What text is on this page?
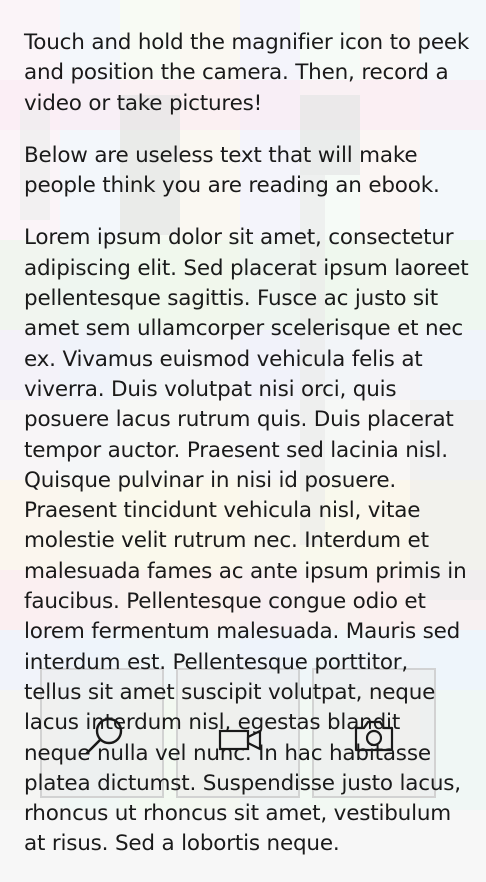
Touch and hold the magnifier icon to peek and position the camera. Then, record a video or take pictures!

Below are useless text that will make people think you are reading an ebook.

Lorem ipsum dolor sit amet, consectetur adipiscing elit. Sed placerat ipsum laoreet pellentesque sagittis. Fusce ac justo sit amet sem ullamcorper scelerisque et nec ex. Vivamus euismod vehicula felis at viverra. Duis volutpat nisi orci, quis posuere lacus rutrum quis. Duis placerat tempor auctor. Praesent sed lacinia nisl. Quisque pulvinar in nisi id posuere. Praesent tincidunt vehicula nisl, vitae molestie velit rutrum nec. Interdum et malesuada fames ac ante ipsum primis in faucibus. Pellentesque congue odio et lorem fermentum malesuada. Mauris sed interdum est. Pellentesque porttitor, tellus sit amet suscipit volutpat, neque lacus interdum nisl, egestas blandit neque nulla vel nunc. In hac habitasse platea dictumst. Suspendisse justo lacus, rhoncus ut rhoncus sit amet, vestibulum at risus. Sed a lobortis neque.
